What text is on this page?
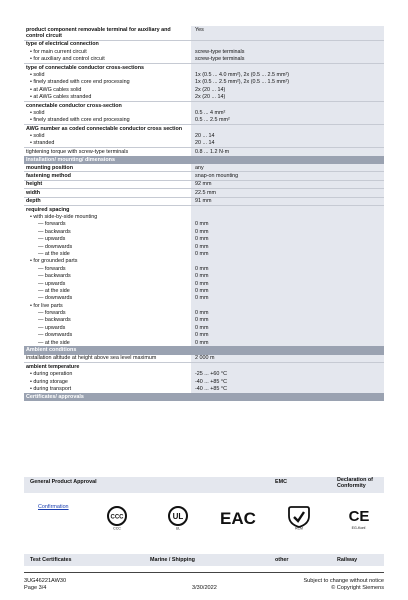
product component removable terminal for auxiliary and control circuit	Yes
type of electrical connection	
• for main current circuit	screw-type terminals
• for auxiliary and control circuit	screw-type terminals
type of connectable conductor cross-sections	
• solid	1x (0.5 ... 4.0 mm²), 2x (0.5 ... 2.5 mm²)
• finely stranded with core end processing	1x (0.5 ... 2.5 mm²), 2x (0.5 ... 1.5 mm²)
• at AWG cables solid	2x (20 ... 14)
• at AWG cables stranded	2x (20 ... 14)
connectable conductor cross-section	
• solid	0.5 ... 4 mm²
• finely stranded with core end processing	0.5 ... 2.5 mm²
AWG number as coded connectable conductor cross section	
• solid	20 ... 14
• stranded	20 ... 14
tightening torque with screw-type terminals	0.8 ... 1.2 N·m

Installation/ mounting/ dimensions	

mounting position	any
fastening method	snap-on mounting
height	92 mm
width	22.5 mm
depth	91 mm
required spacing	
• with side-by-side mounting	
— forwards	0 mm
— backwards	0 mm
— upwards	0 mm
— downwards	0 mm
— at the side	0 mm
• for grounded parts	
— forwards	0 mm
— backwards	0 mm
— upwards	0 mm
— at the side	0 mm
— downwards	0 mm
• for live parts	
— forwards	0 mm
— backwards	0 mm
— upwards	0 mm
— downwards	0 mm
— at the side	0 mm

Ambient conditions	

installation altitude at height above sea level maximum	2 000 m
ambient temperature	
• during operation	-25 ... +60 °C
• during storage	-40 ... +85 °C
• during transport	-40 ... +85 °C

Certificates/ approvals	
General Product Approval	EMC	Declaration of Conformity
Confirmation
CCC
CCC
UL
UL
EAC
RCM
CE
EG-Konf.
Test Certificates	Marine / Shipping	other	Railway
3UG46221AW30
Page 3/4	3/30/2022
Subject to change without notice
© Copyright Siemens
